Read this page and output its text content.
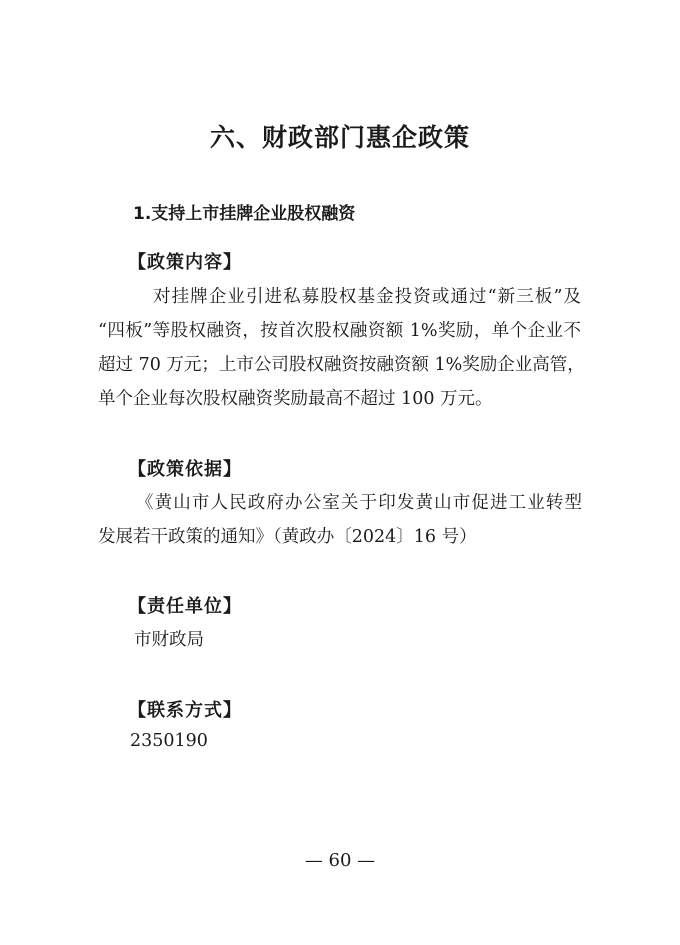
六、财政部门惠企政策
1.支持上市挂牌企业股权融资
【政策内容】
对挂牌企业引进私募股权基金投资或通过“新三板”及
“四板”等股权融资，按首次股权融资额 1%奖励，单个企业不
超过 70 万元；上市公司股权融资按融资额 1%奖励企业高管，
单个企业每次股权融资奖励最高不超过 100 万元。
【政策依据】
《黄山市人民政府办公室关于印发黄山市促进工业转型
发展若干政策的通知》（黄政办〔2024〕16 号）
【责任单位】
市财政局
【联系方式】
2350190
— 60 —
